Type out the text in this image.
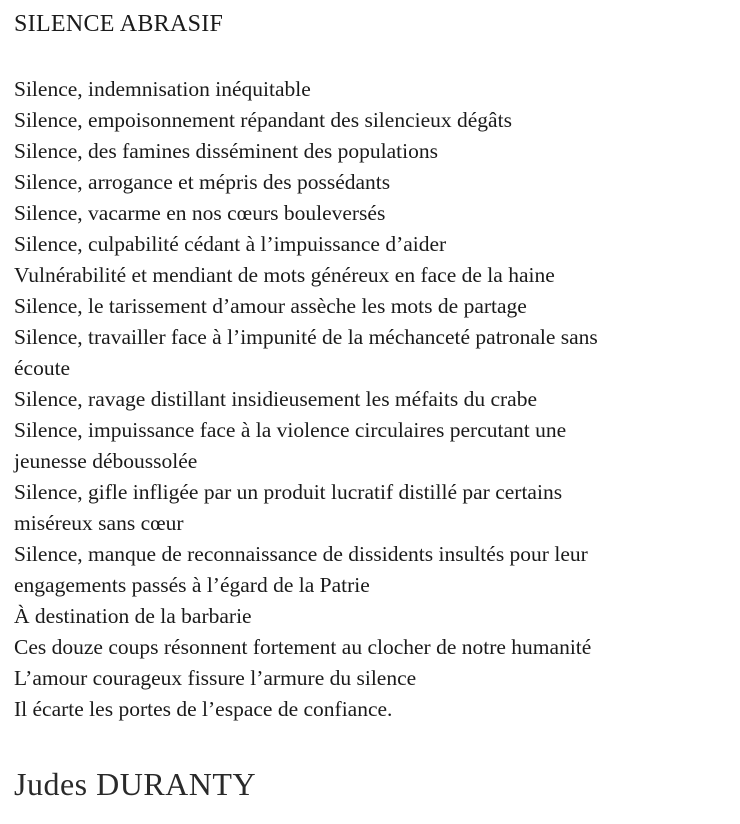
SILENCE ABRASIF
Silence, indemnisation inéquitable
Silence, empoisonnement répandant des silencieux dégâts
Silence, des famines disséminent des populations
Silence, arrogance et mépris des possédants
Silence, vacarme en nos cœurs bouleversés
Silence, culpabilité cédant à l’impuissance d’aider
Vulnérabilité et mendiant de mots généreux en face de la haine
Silence, le tarissement d’amour assèche les mots de partage
Silence, travailler face à l’impunité de la méchanceté patronale sans
écoute
Silence, ravage distillant insidieusement les méfaits du crabe
Silence, impuissance face à la violence circulaires percutant une
jeunesse déboussolée
Silence, gifle infligée par un produit lucratif distillé par certains
miséreux sans cœur
Silence, manque de reconnaissance de dissidents insultés pour leur
engagements passés à l’égard de la Patrie
À destination de la barbarie
Ces douze coups résonnent fortement au clocher de notre humanité
L’amour courageux fissure l’armure du silence
Il écarte les portes de l’espace de confiance.
Judes DURANTY
